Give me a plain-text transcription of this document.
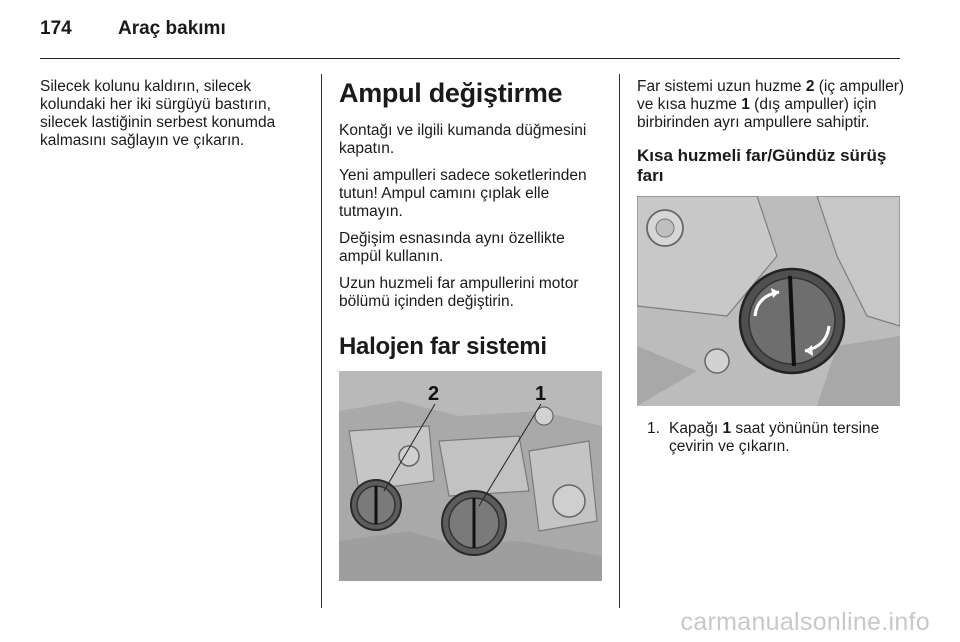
174 Araç bakımı

Silecek kolunu kaldırın, silecek kolundaki her iki sürgüyü bastırın, silecek lastiğinin serbest konumda kalmasını sağlayın ve çıkarın.

Ampul değiştirme

Kontağı ve ilgili kumanda düğmesini kapatın.

Yeni ampulleri sadece soketlerinden tutun! Ampul camını çıplak elle tutmayın.

Değişim esnasında aynı özellikte ampül kullanın.

Uzun huzmeli far ampullerini motor bölümü içinden değiştirin.

Halojen far sistemi
2	1

Far sistemi uzun huzme 2 (iç ampuller) ve kısa huzme 1 (dış ampuller) için birbirinden ayrı ampullere sahiptir.

Kısa huzmeli far/Gündüz sürüş farı
1. Kapağı 1 saat yönünün tersine çevirin ve çıkarın.
carmanualsonline.info
